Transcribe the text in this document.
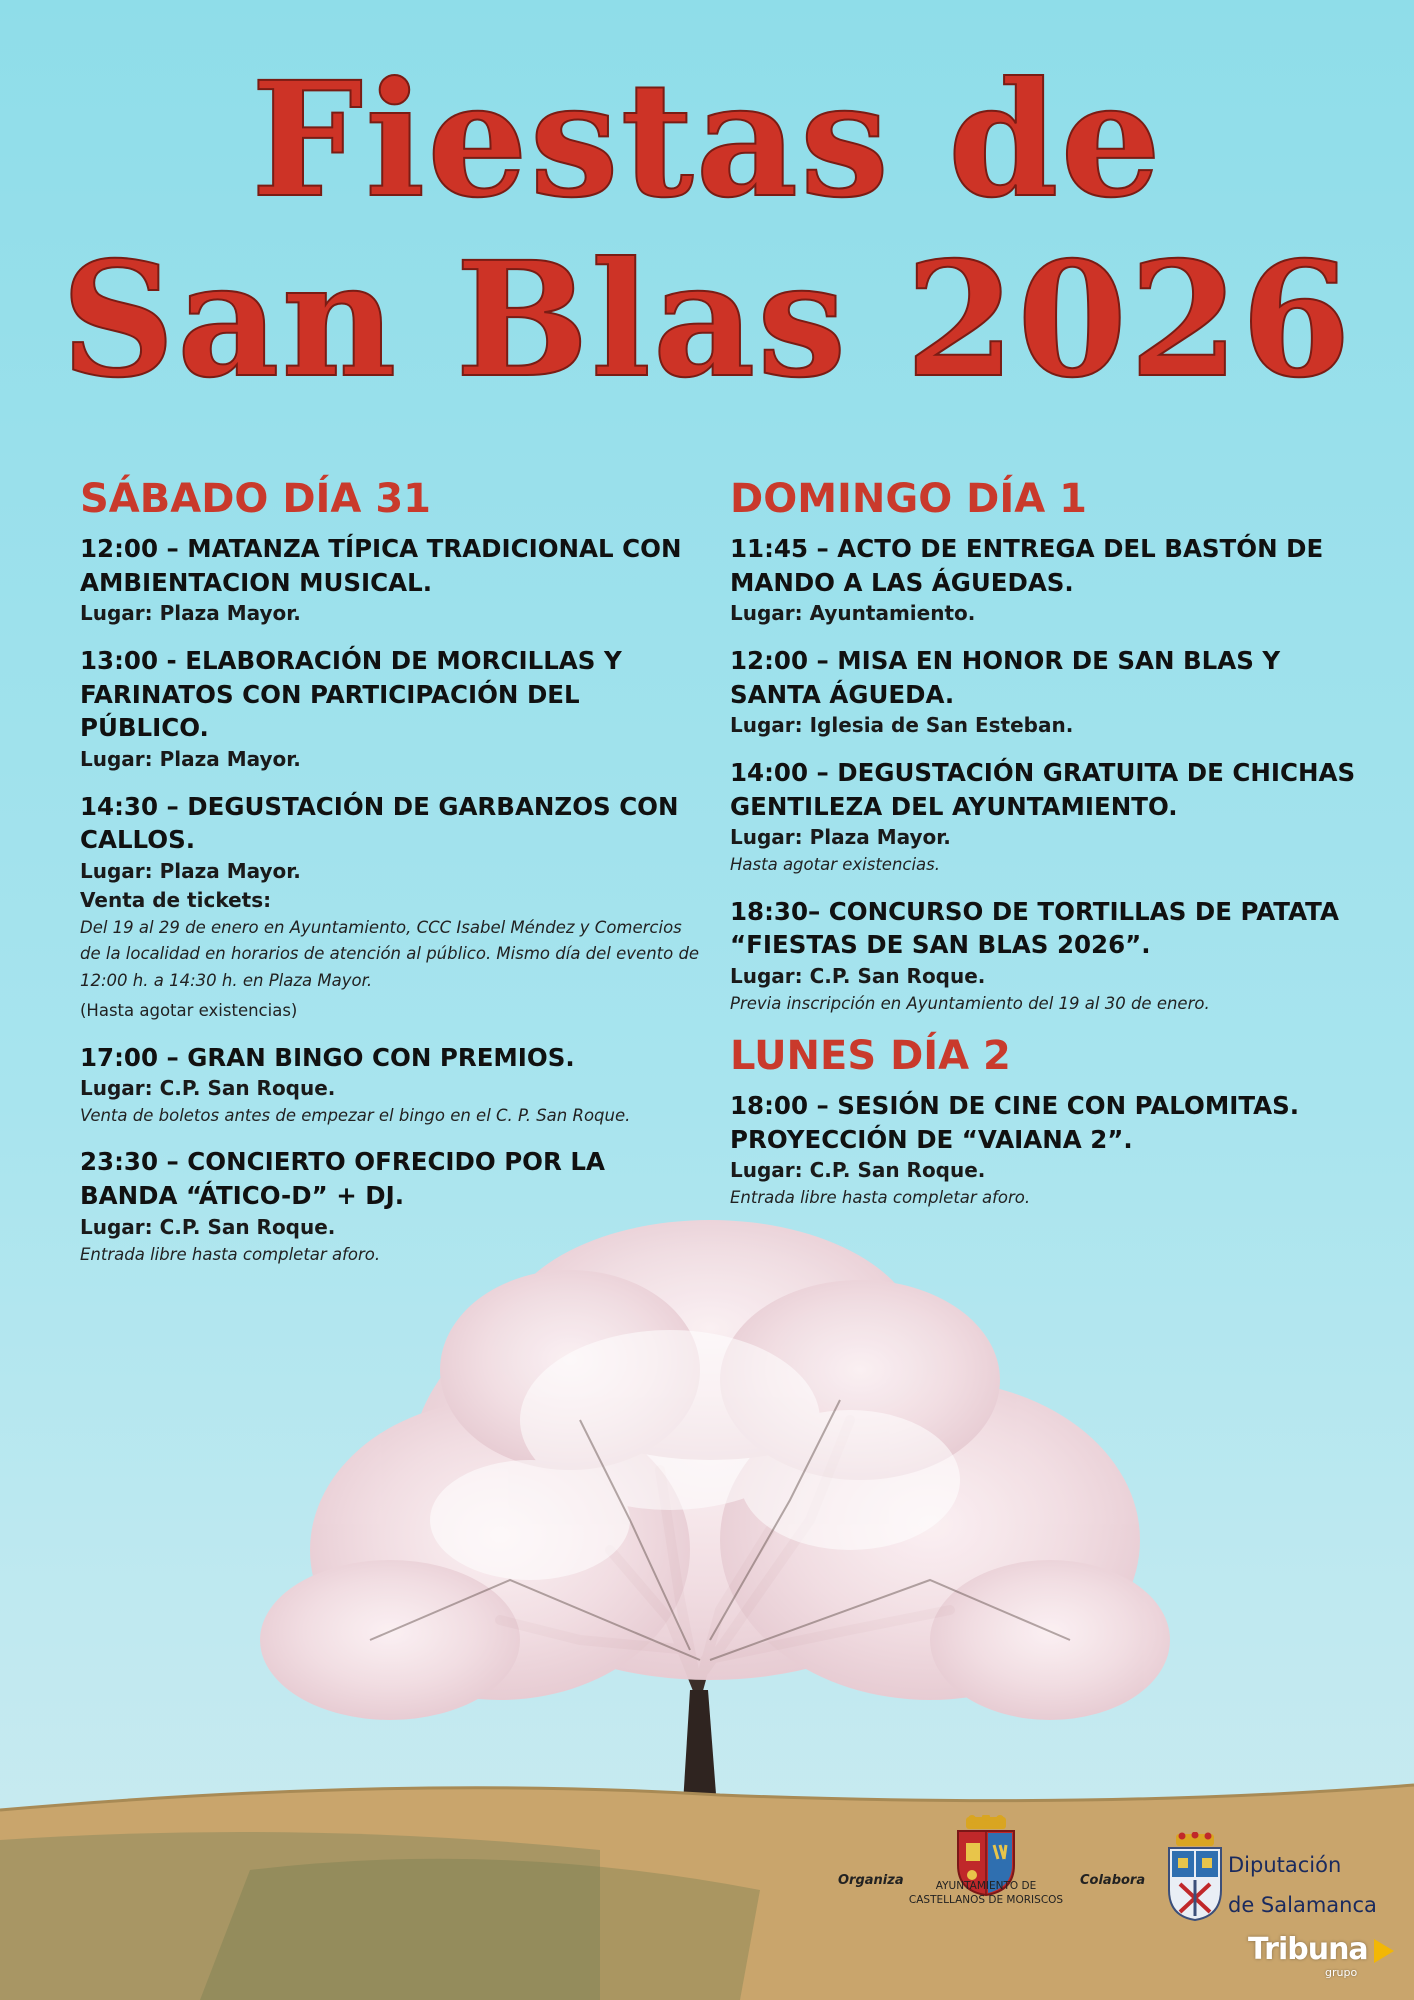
Fiestas de
San Blas 2026
SÁBADO DÍA 31

12:00 – MATANZA TÍPICA TRADICIONAL CON AMBIENTACION MUSICAL.

Lugar: Plaza Mayor.

13:00 - ELABORACIÓN DE MORCILLAS Y FARINATOS CON PARTICIPACIÓN DEL PÚBLICO.

Lugar: Plaza Mayor.

14:30 – DEGUSTACIÓN DE GARBANZOS CON CALLOS.

Lugar: Plaza Mayor.

Venta de tickets:

Del 19 al 29 de enero en Ayuntamiento, CCC Isabel Méndez y Comercios de la localidad en horarios de atención al público. Mismo día del evento de 12:00 h. a 14:30 h. en Plaza Mayor.

(Hasta agotar existencias)

17:00 – GRAN BINGO CON PREMIOS.

Lugar: C.P. San Roque.

Venta de boletos antes de empezar el bingo en el C. P. San Roque.

23:30 – CONCIERTO OFRECIDO POR LA BANDA “ÁTICO-D” + DJ.

Lugar: C.P. San Roque.

Entrada libre hasta completar aforo.

DOMINGO DÍA 1

11:45 – ACTO DE ENTREGA DEL BASTÓN DE MANDO A LAS ÁGUEDAS.

Lugar: Ayuntamiento.

12:00 – MISA EN HONOR DE SAN BLAS Y SANTA ÁGUEDA.

Lugar: Iglesia de San Esteban.

14:00 – DEGUSTACIÓN GRATUITA DE CHICHAS GENTILEZA DEL AYUNTAMIENTO.

Lugar: Plaza Mayor.

Hasta agotar existencias.

18:30– CONCURSO DE TORTILLAS DE PATATA “FIESTAS DE SAN BLAS 2026”.

Lugar: C.P. San Roque.

Previa inscripción en Ayuntamiento del 19 al 30 de enero.

LUNES DÍA 2

18:00 – SESIÓN DE CINE CON PALOMITAS. PROYECCIÓN DE “VAIANA 2”.

Lugar: C.P. San Roque.

Entrada libre hasta completar aforo.

Organiza	AYUNTAMIENTO DE
CASTELLANOS DE MORISCOS
Colabora
Diputación
de Salamanca
Tribuna
grupo
